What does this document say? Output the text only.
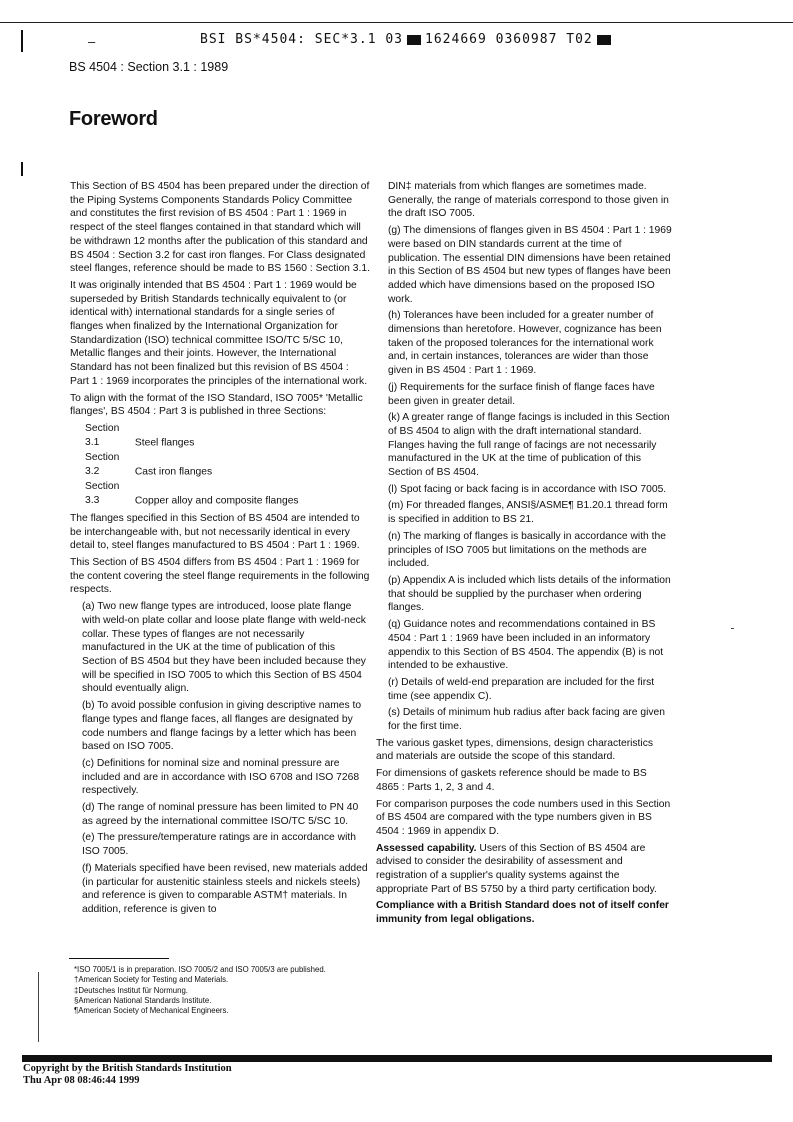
–	BSI BS*4504: SEC*3.1 03 1624669 0360987 T02
BS 4504 : Section 3.1 : 1989
Foreword

This Section of BS 4504 has been prepared under the direction of the Piping Systems Components Standards Policy Committee and constitutes the first revision of BS 4504 : Part 1 : 1969 in respect of the steel flanges contained in that standard which will be withdrawn 12 months after the publication of this standard and BS 4504 : Section 3.2 for cast iron flanges. For Class designated steel flanges, reference should be made to BS 1560 : Section 3.1.

It was originally intended that BS 4504 : Part 1 : 1969 would be superseded by British Standards technically equivalent to (or identical with) international standards for a single series of flanges when finalized by the International Organization for Standardization (ISO) technical committee ISO/TC 5/SC 10, Metallic flanges and their joints. However, the International Standard has not been finalized but this revision of BS 4504 : Part 1 : 1969 incorporates the principles of the international work.

To align with the format of the ISO Standard, ISO 7005* 'Metallic flanges', BS 4504 : Part 3 is published in three Sections:

Section 3.1	Steel flanges
Section 3.2	Cast iron flanges
Section 3.3	Copper alloy and composite flanges

The flanges specified in this Section of BS 4504 are intended to be interchangeable with, but not necessarily identical in every detail to, steel flanges manufactured to BS 4504 : Part 1 : 1969.

This Section of BS 4504 differs from BS 4504 : Part 1 : 1969 for the content covering the steel flange requirements in the following respects.

(a) Two new flange types are introduced, loose plate flange with weld-on plate collar and loose plate flange with weld-neck collar. These types of flanges are not necessarily manufactured in the UK at the time of publication of this Section of BS 4504 but they have been included because they will be specified in ISO 7005 to which this Section of BS 4504 should eventually align.

(b) To avoid possible confusion in giving descriptive names to flange types and flange faces, all flanges are designated by code numbers and flange facings by a letter which has been based on ISO 7005.

(c) Definitions for nominal size and nominal pressure are included and are in accordance with ISO 6708 and ISO 7268 respectively.

(d) The range of nominal pressure has been limited to PN 40 as agreed by the international committee ISO/TC 5/SC 10.

(e) The pressure/temperature ratings are in accordance with ISO 7005.

(f) Materials specified have been revised, new materials added (in particular for austenitic stainless steels and nickels steels) and reference is given to comparable ASTM† materials. In addition, reference is given to

DIN‡ materials from which flanges are sometimes made. Generally, the range of materials correspond to those given in the draft ISO 7005.

(g) The dimensions of flanges given in BS 4504 : Part 1 : 1969 were based on DIN standards current at the time of publication. The essential DIN dimensions have been retained in this Section of BS 4504 but new types of flanges have been added which have dimensions based on the proposed ISO work.

(h) Tolerances have been included for a greater number of dimensions than heretofore. However, cognizance has been taken of the proposed tolerances for the international work and, in certain instances, tolerances are wider than those given in BS 4504 : Part 1 : 1969.

(j) Requirements for the surface finish of flange faces have been given in greater detail.

(k) A greater range of flange facings is included in this Section of BS 4504 to align with the draft international standard. Flanges having the full range of facings are not necessarily manufactured in the UK at the time of publication of this Section of BS 4504.

(l) Spot facing or back facing is in accordance with ISO 7005.

(m) For threaded flanges, ANSI§/ASME¶ B1.20.1 thread form is specified in addition to BS 21.

(n) The marking of flanges is basically in accordance with the principles of ISO 7005 but limitations on the methods are included.

(p) Appendix A is included which lists details of the information that should be supplied by the purchaser when ordering flanges.

(q) Guidance notes and recommendations contained in BS 4504 : Part 1 : 1969 have been included in an informatory appendix to this Section of BS 4504. The appendix (B) is not intended to be exhaustive.

(r) Details of weld-end preparation are included for the first time (see appendix C).

(s) Details of minimum hub radius after back facing are given for the first time.

The various gasket types, dimensions, design characteristics and materials are outside the scope of this standard.

For dimensions of gaskets reference should be made to BS 4865 : Parts 1, 2, 3 and 4.

For comparison purposes the code numbers used in this Section of BS 4504 are compared with the type numbers given in BS 4504 : 1969 in appendix D.

Assessed capability. Users of this Section of BS 4504 are advised to consider the desirability of assessment and registration of a supplier's quality systems against the appropriate Part of BS 5750 by a third party certification body.

Compliance with a British Standard does not of itself confer immunity from legal obligations.

*ISO 7005/1 is in preparation. ISO 7005/2 and ISO 7005/3 are published.
†American Society for Testing and Materials.
‡Deutsches Institut für Normung.
§American National Standards Institute.
¶American Society of Mechanical Engineers.
Copyright by the British Standards Institution
Thu Apr 08 08:46:44 1999
